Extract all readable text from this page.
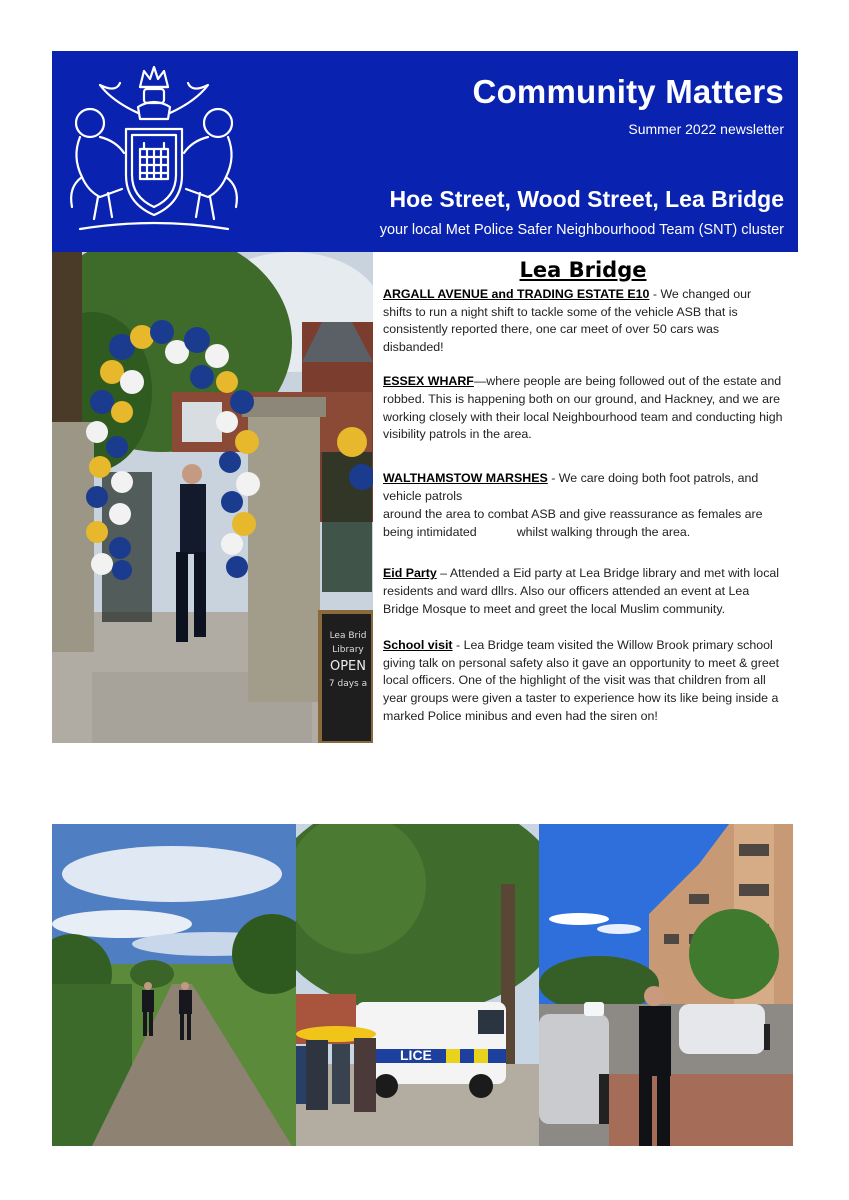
Community Matters
Summer 2022 newsletter
Hoe Street, Wood Street, Lea Bridge
your local Met Police Safer Neighbourhood Team (SNT) cluster
Lea Brid
Library
OPEN
7 days a
Lea Bridge

ARGALL AVENUE and TRADING ESTATE E10 - We changed our shifts to run a night shift to tackle some of the vehicle ASB that is consistently reported there, one car meet of over 50 cars was disbanded!

ESSEX WHARF—where people are being followed out of the estate and robbed. This is happening both on our ground, and Hackney, and we are working closely with their local Neighbourhood team and conducting high visibility patrols in the area.

WALTHAMSTOW MARSHES - We care doing both foot patrols, and vehicle patrols
around the area to combat ASB and give reassurance as females are being intimidated	whilst walking through the area.

Eid Party – Attended a Eid party at Lea Bridge library and met with local residents and ward dllrs. Also our officers attended an event at Lea Bridge Mosque to meet and greet the local Muslim community.

School visit - Lea Bridge team visited the Willow Brook primary school giving talk on personal safety also it gave an opportunity to meet & greet local officers. One of the highlight of the visit was that children from all year groups were given a taster to experience how its like being inside a marked Police minibus and even had the siren on!

LICE
